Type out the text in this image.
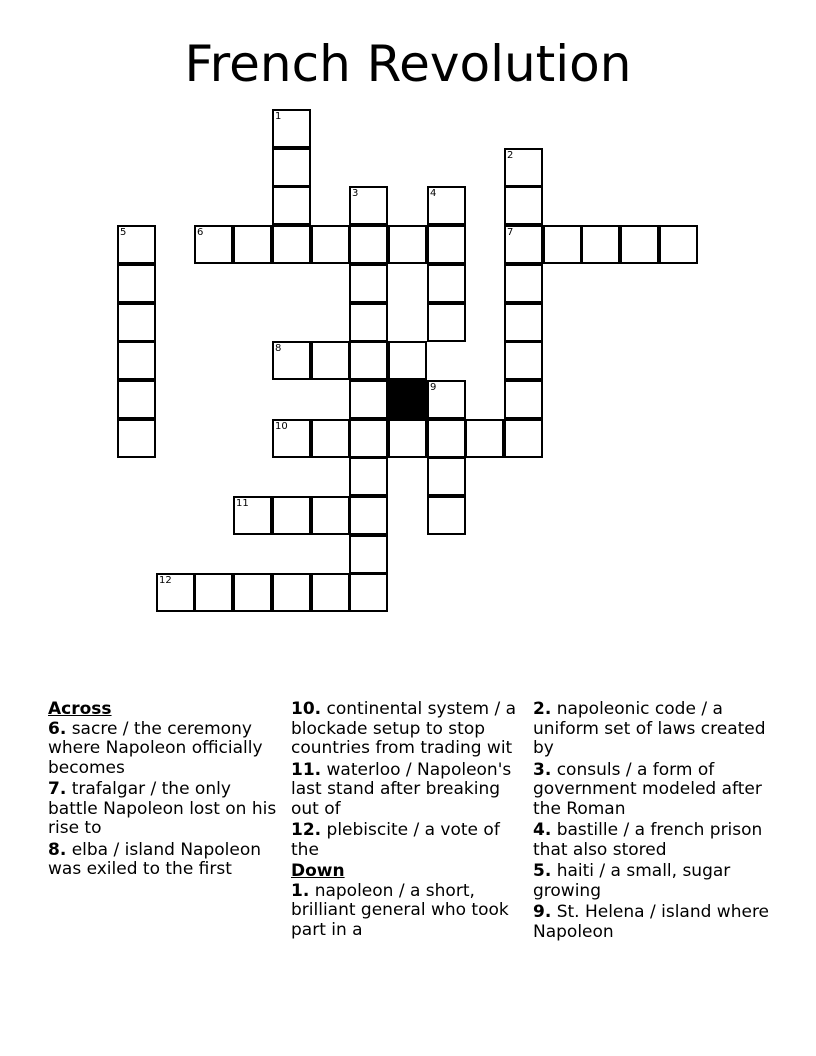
French Revolution
1
2
7
3	4
5	6
8
9
10
11
12
Across
6. sacre / the ceremony where Napoleon officially becomes
7. trafalgar / the only battle Napoleon lost on his rise to
8. elba / island Napoleon was exiled to the first
10. continental system / a blockade setup to stop countries from trading wit
11. waterloo / Napoleon's last stand after breaking out of
12. plebiscite / a vote of the
Down
1. napoleon / a short, brilliant general who took part in a
2. napoleonic code / a uniform set of laws created by
3. consuls / a form of government modeled after the Roman
4. bastille / a french prison that also stored
5. haiti / a small, sugar growing
9. St. Helena / island where Napoleon
